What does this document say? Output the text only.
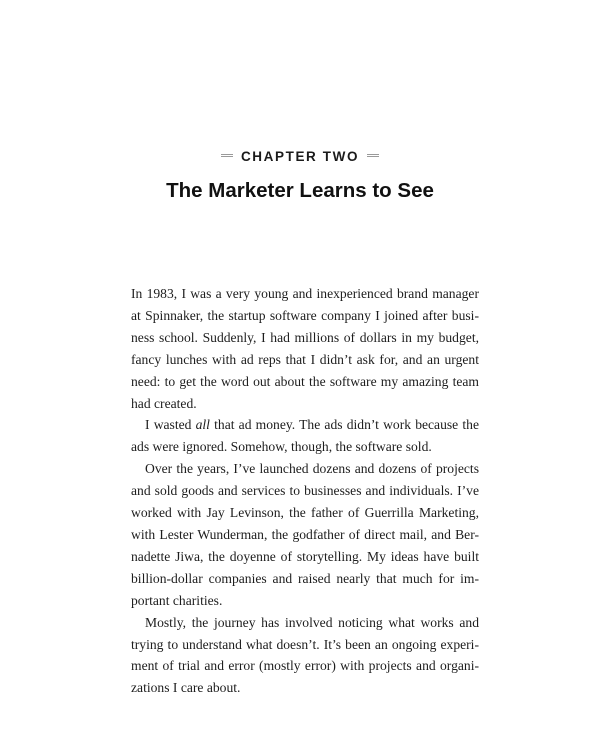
CHAPTER TWO
The Marketer Learns to See

In 1983, I was a very young and inexperienced brand manager
at Spinnaker, the startup software company I joined after busi-
ness school. Suddenly, I had millions of dollars in my budget,
fancy lunches with ad reps that I didn’t ask for, and an urgent
need: to get the word out about the software my amazing team
had created.

I wasted all that ad money. The ads didn’t work because the
ads were ignored. Somehow, though, the software sold.

Over the years, I’ve launched dozens and dozens of projects
and sold goods and services to businesses and individuals. I’ve
worked with Jay Levinson, the father of Guerrilla Marketing,
with Lester Wunderman, the godfather of direct mail, and Ber-
nadette Jiwa, the doyenne of storytelling. My ideas have built
billion-dollar companies and raised nearly that much for im-
portant charities.

Mostly, the journey has involved noticing what works and
trying to understand what doesn’t. It’s been an ongoing experi-
ment of trial and error (mostly error) with projects and organi-
zations I care about.
